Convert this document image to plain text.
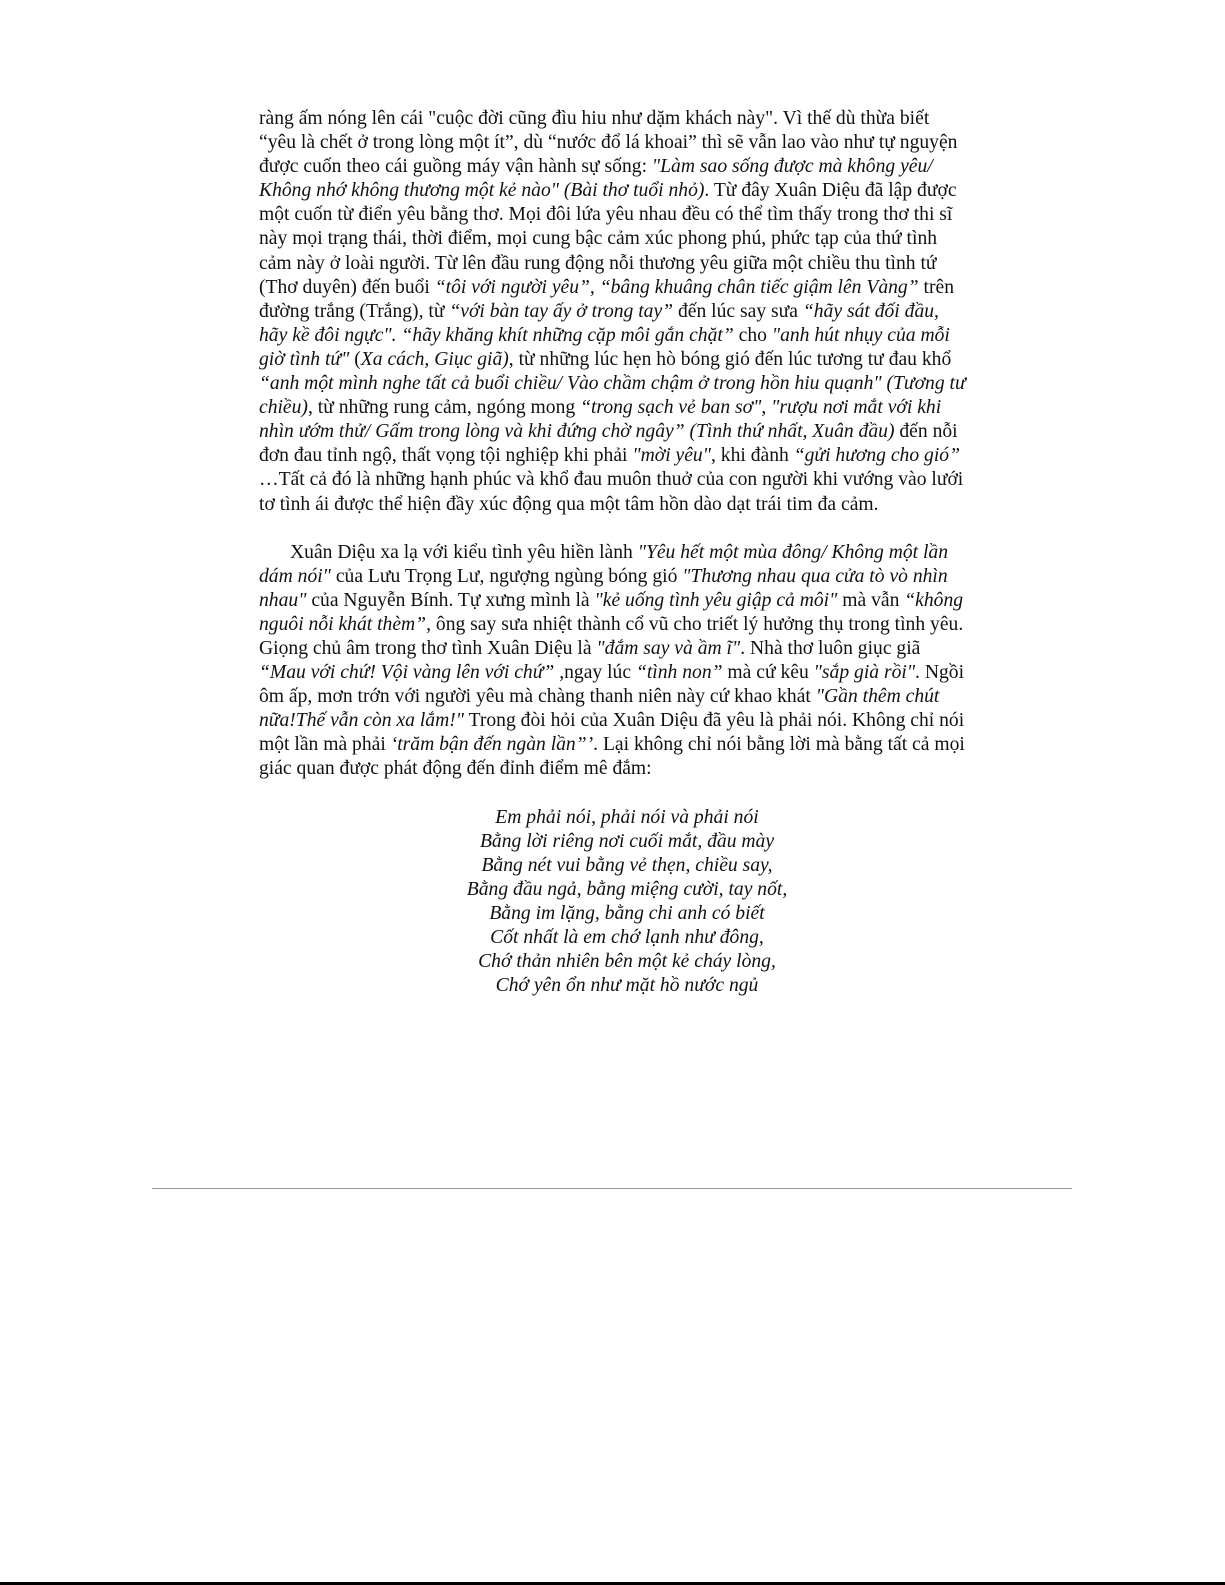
ràng ấm nóng lên cái "cuộc đời cũng đìu hiu như dặm khách này". Vì thế dù thừa biết “yêu là chết ở trong lòng một ít”, dù “nước đổ lá khoai” thì sẽ vẫn lao vào như tự nguyện được cuốn theo cái guồng máy vận hành sự sống: "Làm sao sống được mà không yêu/ Không nhớ không thương một kẻ nào" (Bài thơ tuổi nhỏ). Từ đây Xuân Diệu đã lập được một cuốn từ điển yêu bằng thơ. Mọi đôi lứa yêu nhau đều có thể tìm thấy trong thơ thi sĩ này mọi trạng thái, thời điểm, mọi cung bậc cảm xúc phong phú, phức tạp của thứ tình cảm này ở loài người. Từ lên đầu rung động nỗi thương yêu giữa một chiều thu tình tứ (Thơ duyên) đến buổi “tôi với người yêu”, “bâng khuâng chân tiếc giậm lên Vàng” trên đường trắng (Trắng), từ “với bàn tay ấy ở trong tay” đến lúc say sưa “hãy sát đối đầu, hãy kề đôi ngực". “hãy khăng khít những cặp môi gắn chặt” cho "anh hút nhụy của mỗi giờ tình tứ" (Xa cách, Giục giã), từ những lúc hẹn hò bóng gió đến lúc tương tư đau khổ “anh một mình nghe tất cả buổi chiều/ Vào chầm chậm ở trong hồn hiu quạnh" (Tương tư chiều), từ những rung cảm, ngóng mong “trong sạch vẻ ban sơ", "rượu nơi mắt với khi nhìn ướm thử/ Gấm trong lòng và khi đứng chờ ngây” (Tình thứ nhất, Xuân đầu) đến nỗi đơn đau tỉnh ngộ, thất vọng tội nghiệp khi phải "mời yêu", khi đành “gửi hương cho gió” …Tất cả đó là những hạnh phúc và khổ đau muôn thuở của con người khi vướng vào lưới tơ tình ái được thể hiện đầy xúc động qua một tâm hồn dào dạt trái tim đa cảm.

Xuân Diệu xa lạ với kiểu tình yêu hiền lành "Yêu hết một mùa đông/ Không một lần dám nói" của Lưu Trọng Lư, ngượng ngùng bóng gió "Thương nhau qua cửa tò vò nhìn nhau" của Nguyễn Bính. Tự xưng mình là "kẻ uống tình yêu giập cả môi" mà vẫn “không nguôi nỗi khát thèm”, ông say sưa nhiệt thành cổ vũ cho triết lý hưởng thụ trong tình yêu. Giọng chủ âm trong thơ tình Xuân Diệu là "đắm say và ầm ĩ". Nhà thơ luôn giục giã “Mau với chứ! Vội vàng lên với chứ” ,ngay lúc “tình non” mà cứ kêu "sắp già rồi". Ngồi ôm ấp, mơn trớn với người yêu mà chàng thanh niên này cứ khao khát "Gần thêm chút nữa!Thế vẫn còn xa lắm!" Trong đòi hỏi của Xuân Diệu đã yêu là phải nói. Không chỉ nói một lần mà phải ‘trăm bận đến ngàn lần”’. Lại không chỉ nói bằng lời mà bằng tất cả mọi giác quan được phát động đến đỉnh điểm mê đắm:

Em phải nói, phải nói và phải nói
Bằng lời riêng nơi cuối mắt, đầu mày
Bằng nét vui bằng vẻ thẹn, chiều say,
Bằng đầu ngả, bằng miệng cười, tay nốt,
Bằng im lặng, bằng chi anh có biết
Cốt nhất là em chớ lạnh như đông,
Chớ thản nhiên bên một kẻ cháy lòng,
Chớ yên ổn như mặt hồ nước ngủ
